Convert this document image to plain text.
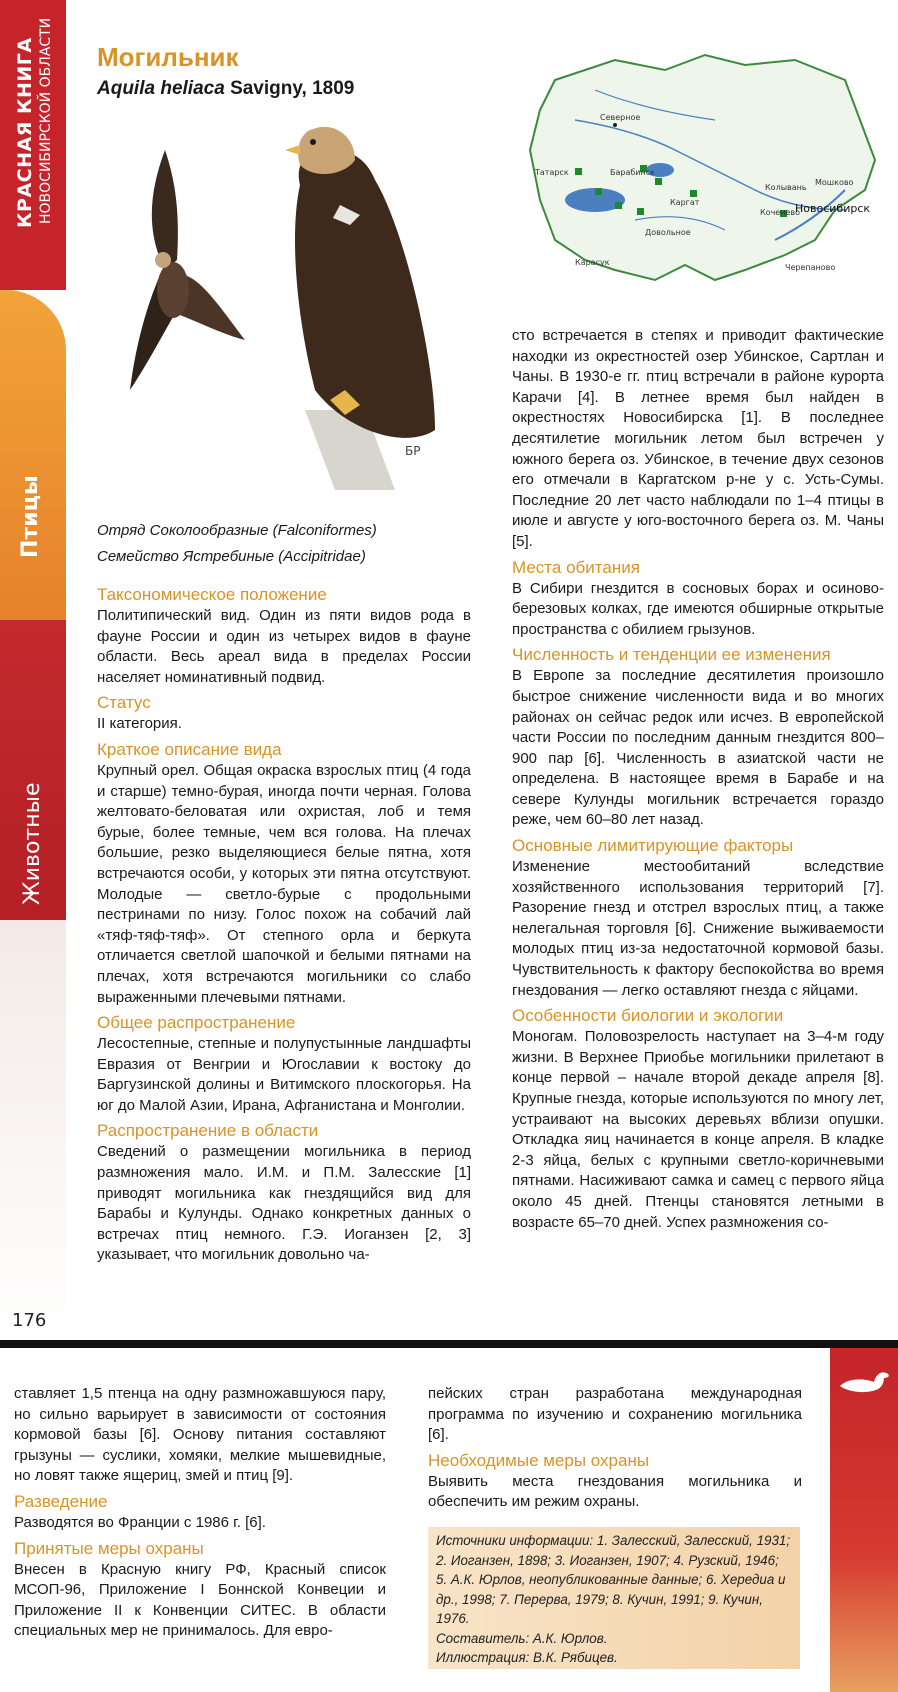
КРАСНАЯ КНИГА НОВОСИБИРСКОЙ ОБЛАСТИ
Птицы
Животные
Могильник
Aquila heliaca Savigny, 1809
БР
Северное
Татарск	Барабинск
Каргат
Коченево
Колывань
Мошково
Новосибирск
Довольное
Карасук
Черепаново
Отряд Соколообразные (Falconiformes)
Семейство Ястребиные (Accipitridae)
Таксономическое положение

Политипический вид. Один из пяти видов рода в фауне России и один из четырех видов в фауне области. Весь ареал вида в пределах России населяет номинативный подвид.

Статус

II категория.

Краткое описание вида

Крупный орел. Общая окраска взрослых птиц (4 года и старше) темно-бурая, иногда почти черная. Голова желтовато-беловатая или охристая, лоб и темя бурые, более темные, чем вся голова. На плечах большие, резко выделяющиеся белые пятна, хотя встречаются особи, у которых эти пятна отсутствуют. Молодые — светло-бурые с продольными пестринами по низу. Голос похож на собачий лай «тяф-тяф-тяф». От степного орла и беркута отличается светлой шапочкой и белыми пятнами на плечах, хотя встречаются могильники со слабо выраженными плечевыми пятнами.

Общее распространение

Лесостепные, степные и полупустынные ландшафты Евразия от Венгрии и Югославии к востоку до Баргузинской долины и Витимского плоскогорья. На юг до Малой Азии, Ирана, Афганистана и Монголии.

Распространение в области

Сведений о размещении могильника в период размножения мало. И.М. и П.М. Залесские [1] приводят могильника как гнездящийся вид для Барабы и Кулунды. Однако конкретных данных о встречах птиц немного. Г.Э. Иоганзен [2, 3] указывает, что могильник довольно ча-

сто встречается в степях и приводит фактические находки из окрестностей озер Убинское, Сартлан и Чаны. В 1930-е гг. птиц встречали в районе курорта Карачи [4]. В летнее время был найден в окрестностях Новосибирска [1]. В последнее десятилетие могильник летом был встречен у южного берега оз. Убинское, в течение двух сезонов его отмечали в Каргатском р-не у с. Усть-Сумы. Последние 20 лет часто наблюдали по 1–4 птицы в июле и августе у юго-восточного берега оз. М. Чаны [5].

Места обитания

В Сибири гнездится в сосновых борах и осиново-березовых колках, где имеются обширные открытые пространства с обилием грызунов.

Численность и тенденции ее изменения

В Европе за последние десятилетия произошло быстрое снижение численности вида и во многих районах он сейчас редок или исчез. В европейской части России по последним данным гнездится 800–900 пар [6]. Численность в азиатской части не определена. В настоящее время в Барабе и на севере Кулунды могильник встречается гораздо реже, чем 60–80 лет назад.

Основные лимитирующие факторы

Изменение местообитаний вследствие хозяйственного использования территорий [7]. Разорение гнезд и отстрел взрослых птиц, а также нелегальная торговля [6]. Снижение выживаемости молодых птиц из-за недостаточной кормовой базы. Чувствительность к фактору беспокойства во время гнездования — легко оставляют гнезда с яйцами.

Особенности биологии и экологии

Моногам. Половозрелость наступает на 3–4-м году жизни. В Верхнее Приобье могильники прилетают в конце первой – начале второй декаде апреля [8]. Крупные гнезда, которые используются по многу лет, устраивают на высоких деревьях вблизи опушки. Откладка яиц начинается в конце апреля. В кладке 2-3 яйца, белых с крупными светло-коричневыми пятнами. Насиживают самка и самец с первого яйца около 45 дней. Птенцы становятся летными в возрасте 65–70 дней. Успех размножения со-

176

ставляет 1,5 птенца на одну размножавшуюся пару, но сильно варьирует в зависимости от состояния кормовой базы [6]. Основу питания составляют грызуны — суслики, хомяки, мелкие мышевидные, но ловят также ящериц, змей и птиц [9].

Разведение

Разводятся во Франции с 1986 г. [6].

Принятые меры охраны

Внесен в Красную книгу РФ, Красный список МСОП-96, Приложение I Боннской Конвеции и Приложение II к Конвенции СИТЕС. В области специальных мер не принималось. Для евро-

пейских стран разработана международная программа по изучению и сохранению могильника [6].

Необходимые меры охраны

Выявить места гнездования могильника и обеспечить им режим охраны.

Источники информации: 1. Залесский, Залесский, 1931; 2. Иоганзен, 1898; 3. Иоганзен, 1907; 4. Рузский, 1946; 5. А.К. Юрлов, неопубликованные данные; 6. Хередиа и др., 1998; 7. Перерва, 1979; 8. Кучин, 1991; 9. Кучин, 1976.
Составитель: А.К. Юрлов.
Иллюстрация: В.К. Рябицев.
